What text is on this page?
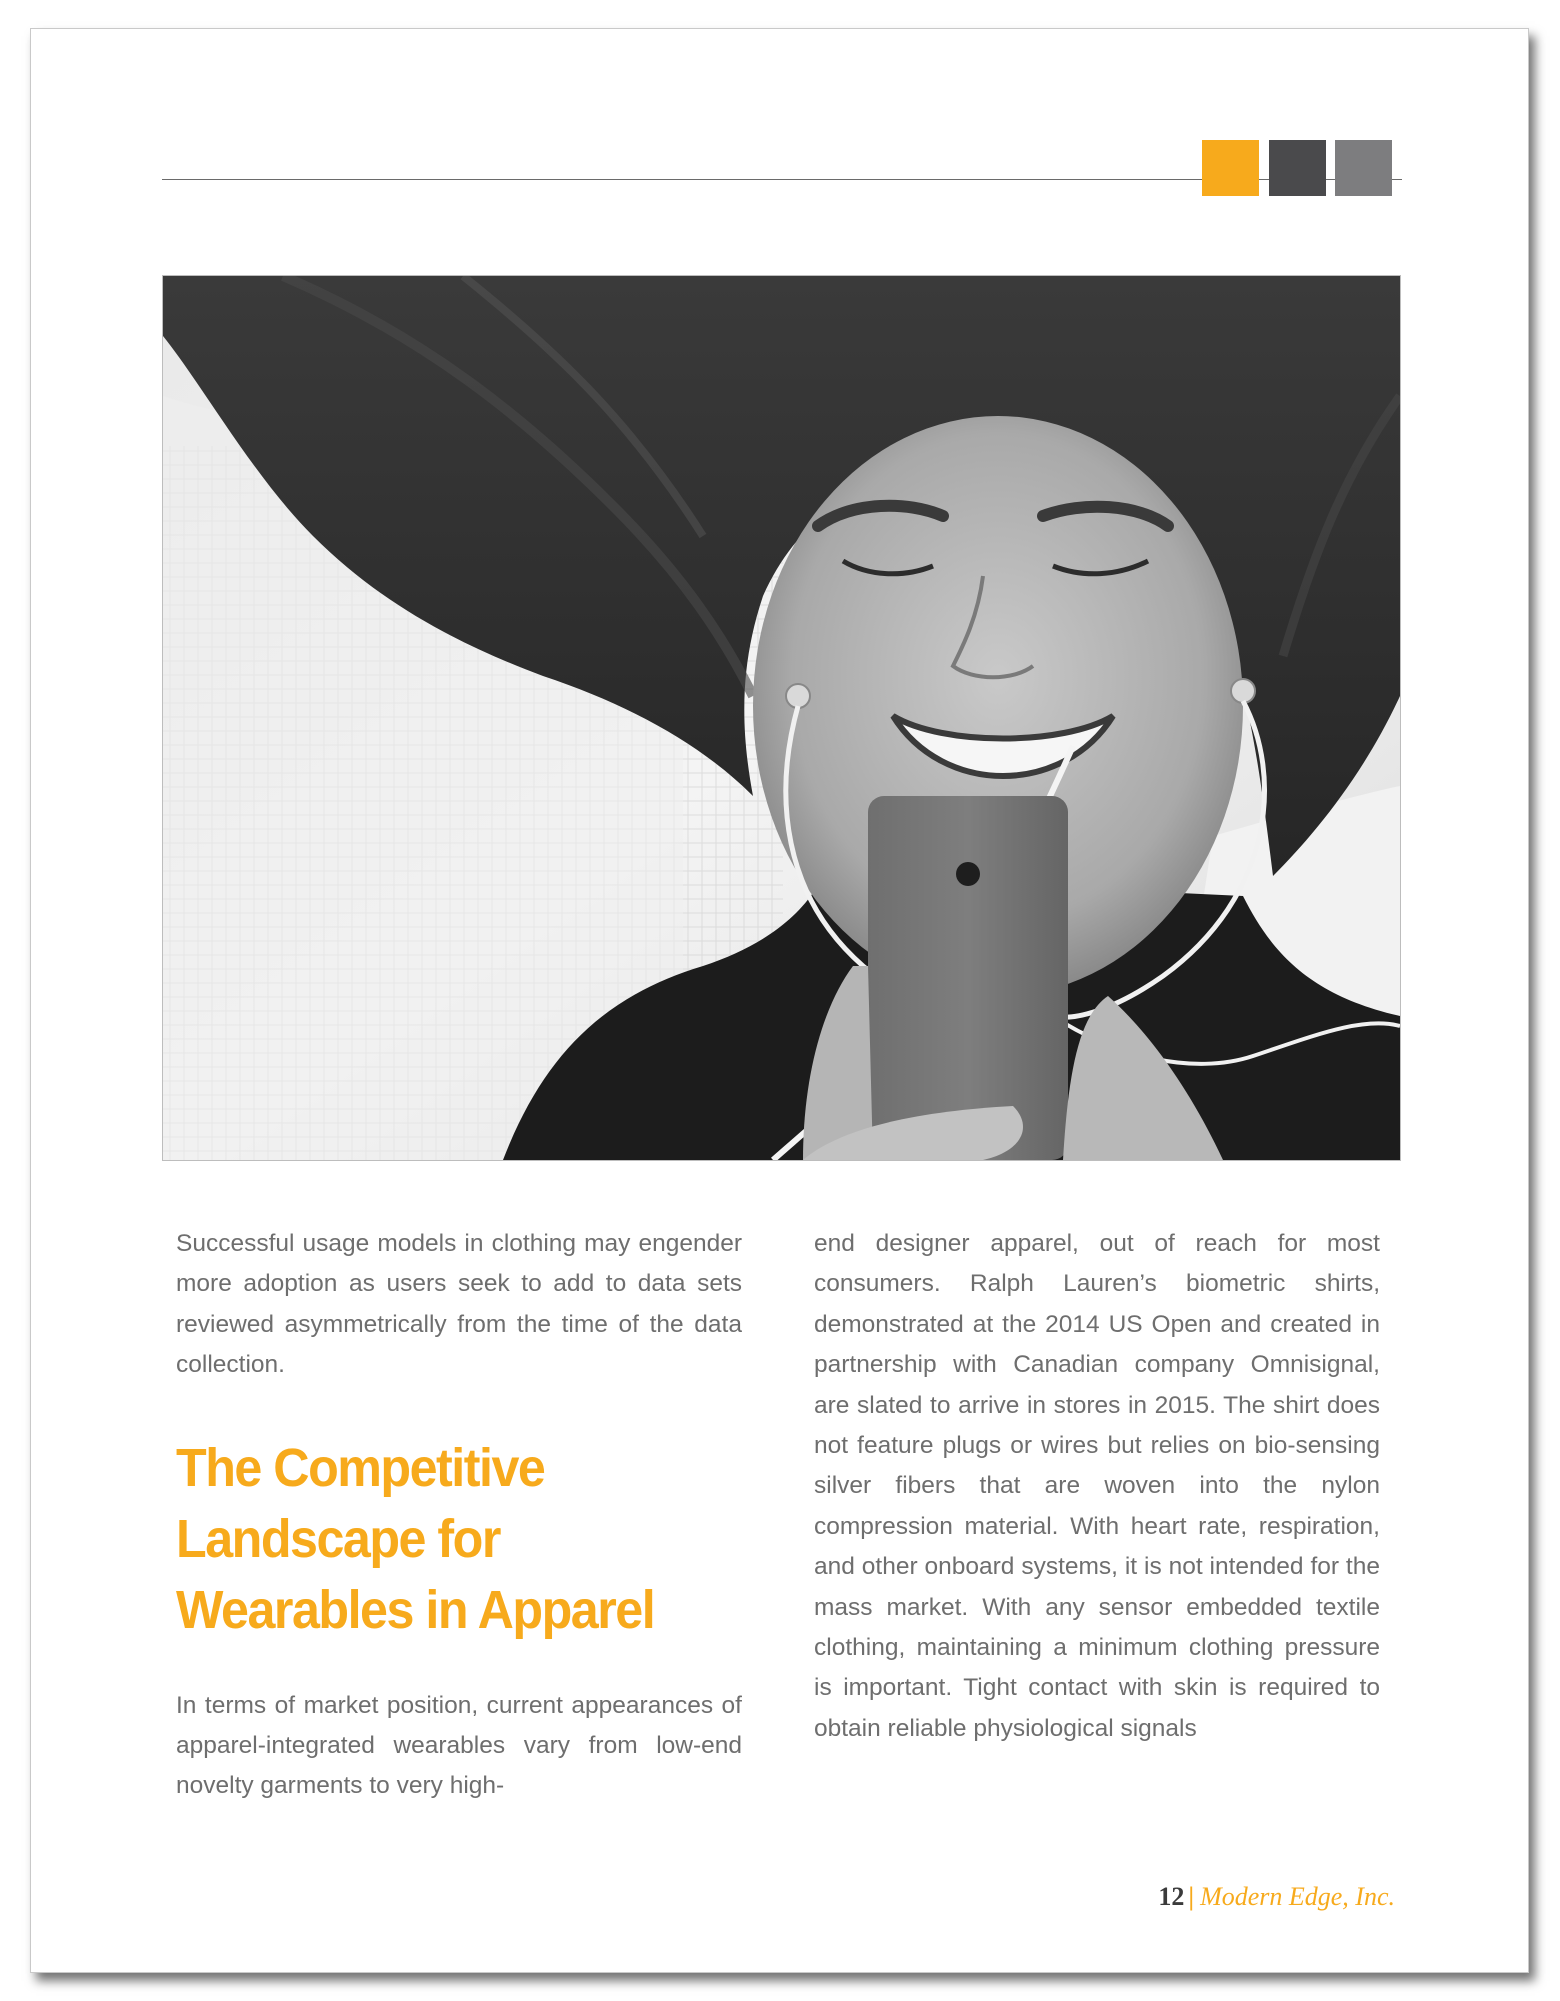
Successful usage models in clothing may engender more adoption as users seek to add to data sets reviewed asymmetrically from the time of the data collection.

The Competitive
Landscape for
Wearables in Apparel

In terms of market position, current appearances of apparel-integrated wearables vary from low-end novelty garments to very high-

end designer apparel, out of reach for most consumers. Ralph Lauren’s biometric shirts, demonstrated at the 2014 US Open and created in partnership with Canadian company Omnisignal, are slated to arrive in stores in 2015. The shirt does not feature plugs or wires but relies on bio-sensing silver fibers that are woven into the nylon compression material. With heart rate, respiration, and other onboard systems, it is not intended for the mass market. With any sensor embedded textile clothing, maintaining a minimum clothing pressure is important. Tight contact with skin is required to obtain reliable physiological signals

12 | Modern Edge, Inc.
